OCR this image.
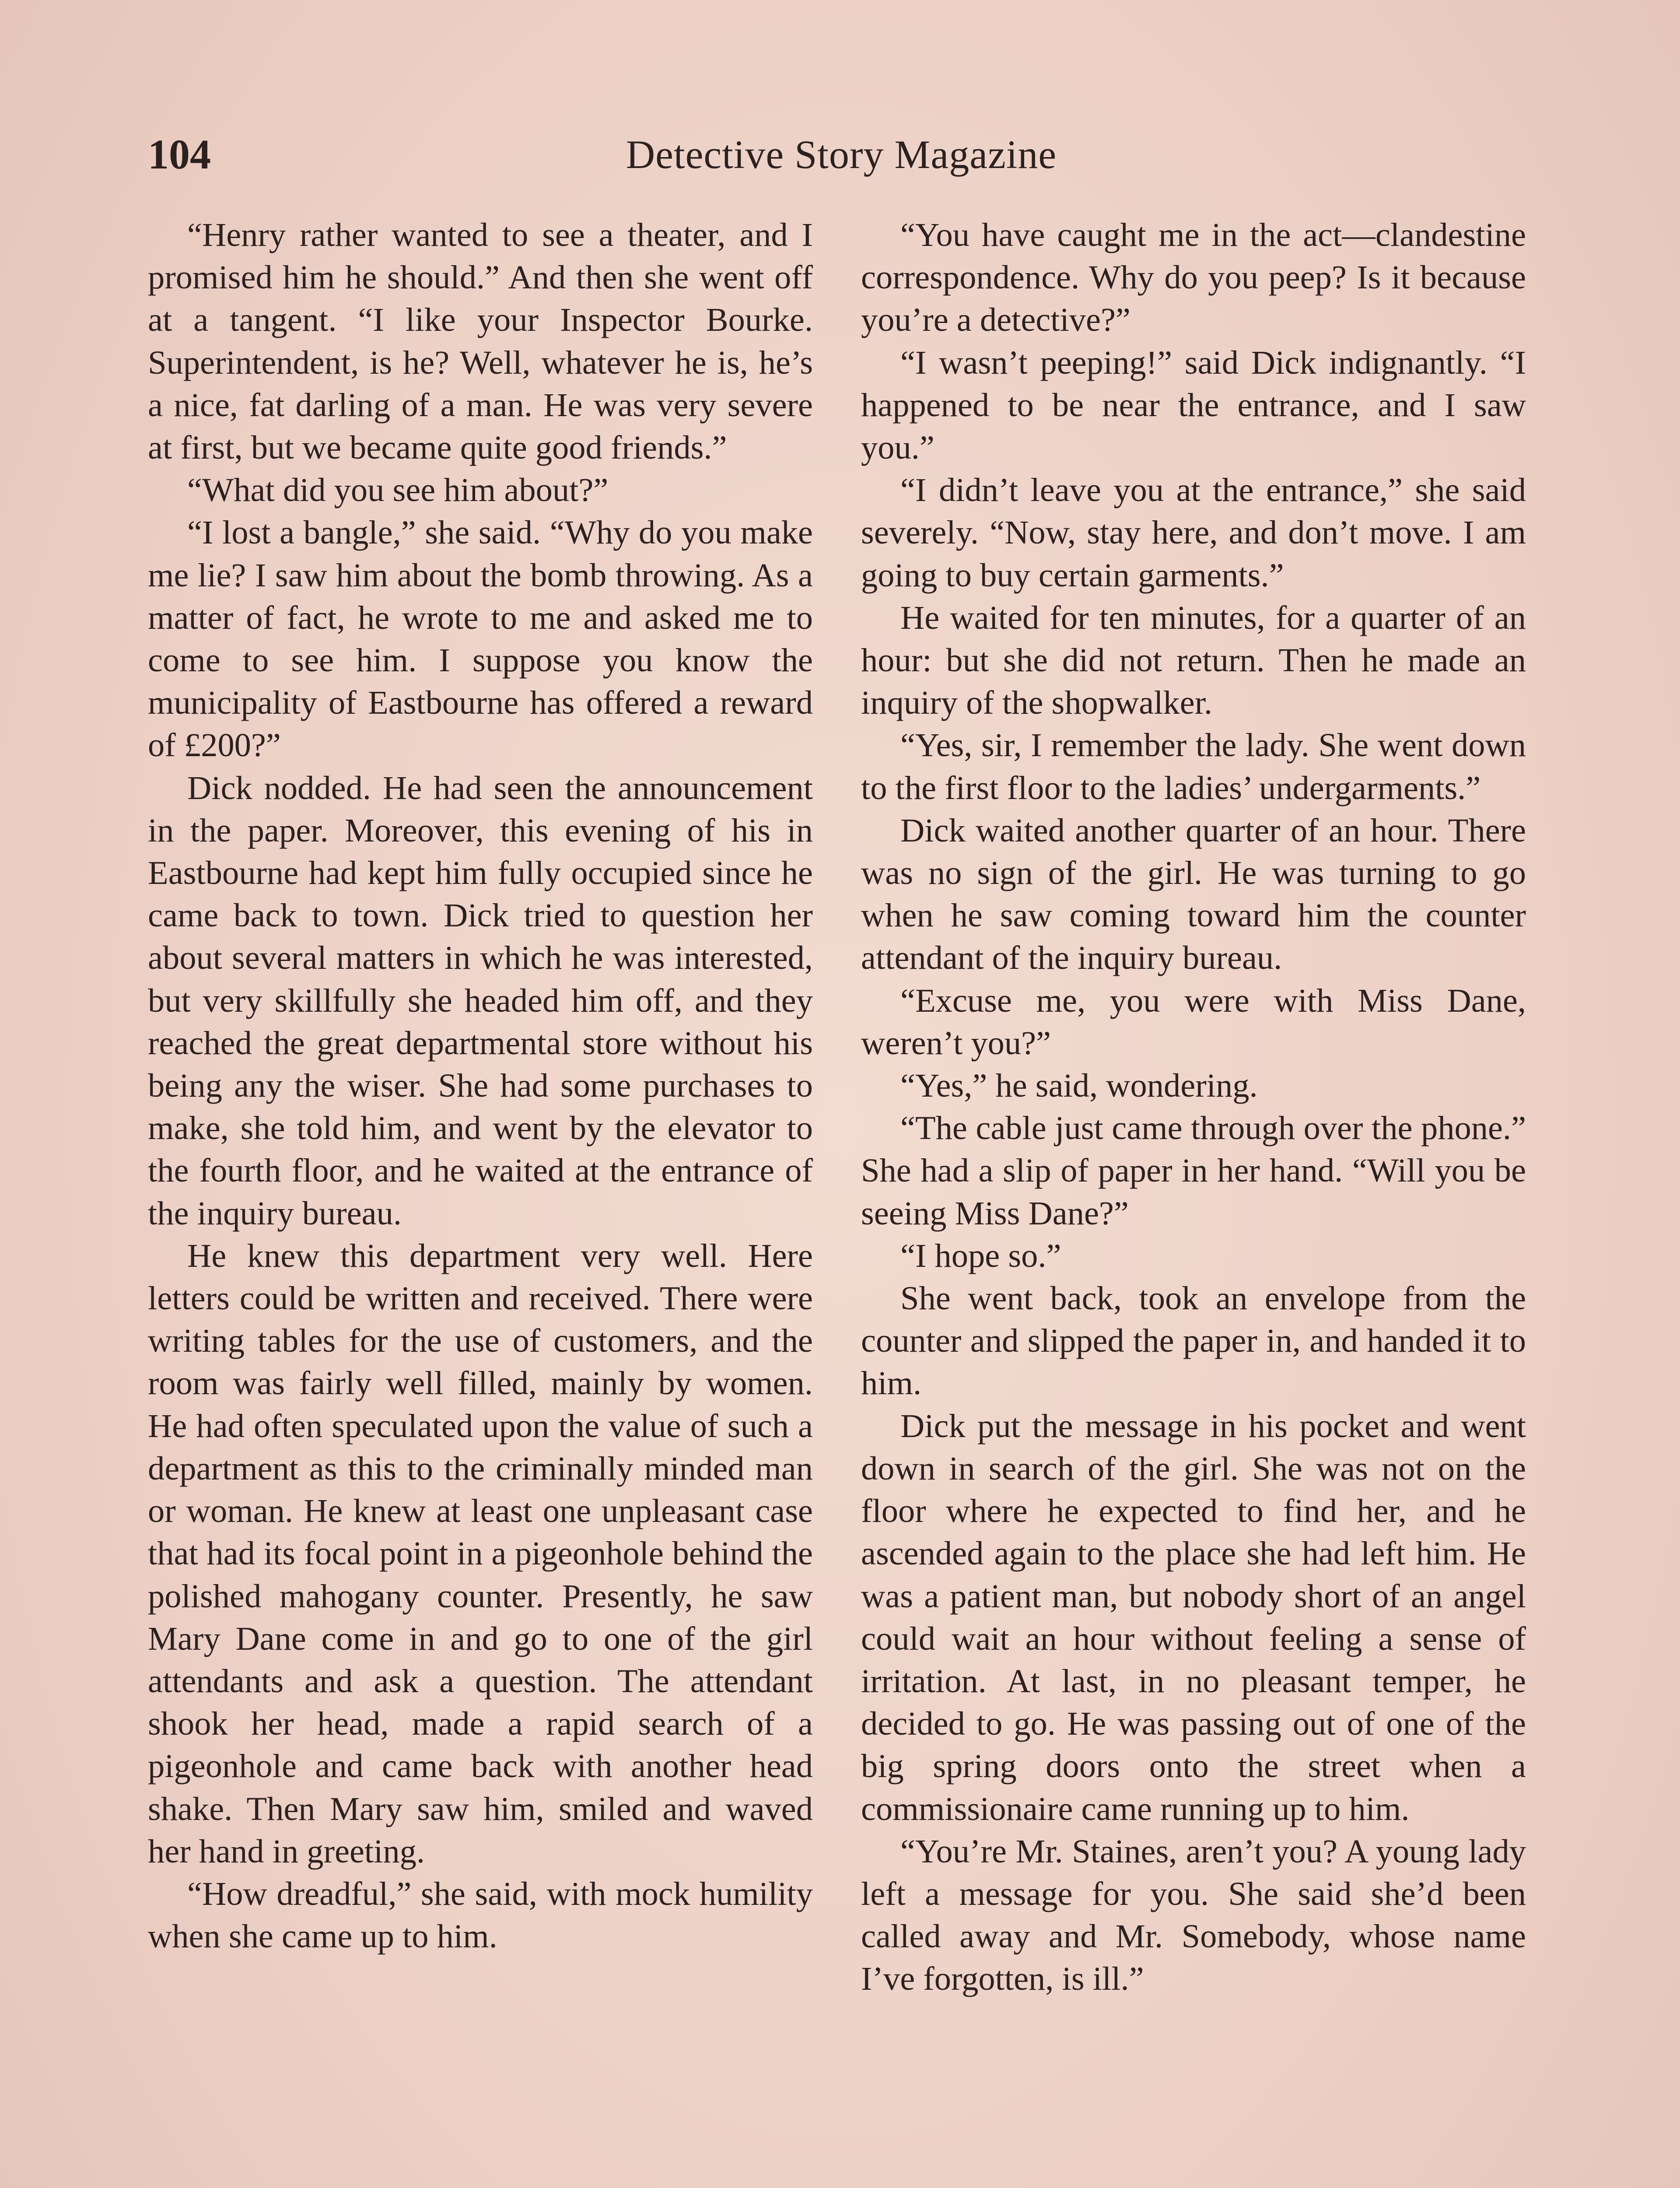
104	Detective Story Magazine

“Henry rather wanted to see a theater, and I promised him he should.” And then she went off at a tangent. “I like your Inspector Bourke. Superintendent, is he? Well, whatever he is, he’s a nice, fat darling of a man. He was very severe at first, but we became quite good friends.”

“What did you see him about?”

“I lost a bangle,” she said. “Why do you make me lie? I saw him about the bomb throwing. As a matter of fact, he wrote to me and asked me to come to see him. I suppose you know the municipality of Eastbourne has offered a reward of £200?”

Dick nodded. He had seen the announcement in the paper. Moreover, this evening of his in Eastbourne had kept him fully occupied since he came back to town. Dick tried to question her about several matters in which he was interested, but very skillfully she headed him off, and they reached the great departmental store without his being any the wiser. She had some purchases to make, she told him, and went by the elevator to the fourth floor, and he waited at the entrance of the inquiry bureau.

He knew this department very well. Here letters could be written and received. There were writing tables for the use of customers, and the room was fairly well filled, mainly by women. He had often speculated upon the value of such a department as this to the criminally minded man or woman. He knew at least one unpleasant case that had its focal point in a pigeonhole behind the polished mahogany counter. Presently, he saw Mary Dane come in and go to one of the girl attendants and ask a question. The attendant shook her head, made a rapid search of a pigeonhole and came back with another head shake. Then Mary saw him, smiled and waved her hand in greeting.

“How dreadful,” she said, with mock humility when she came up to him.

“You have caught me in the act—clandestine correspondence. Why do you peep? Is it because you’re a detective?”

“I wasn’t peeping!” said Dick indignantly. “I happened to be near the entrance, and I saw you.”

“I didn’t leave you at the entrance,” she said severely. “Now, stay here, and don’t move. I am going to buy certain garments.”

He waited for ten minutes, for a quarter of an hour: but she did not return. Then he made an inquiry of the shopwalker.

“Yes, sir, I remember the lady. She went down to the first floor to the ladies’ undergarments.”

Dick waited another quarter of an hour. There was no sign of the girl. He was turning to go when he saw coming toward him the counter attendant of the inquiry bureau.

“Excuse me, you were with Miss Dane, weren’t you?”

“Yes,” he said, wondering.

“The cable just came through over the phone.” She had a slip of paper in her hand. “Will you be seeing Miss Dane?”

“I hope so.”

She went back, took an envelope from the counter and slipped the paper in, and handed it to him.

Dick put the message in his pocket and went down in search of the girl. She was not on the floor where he expected to find her, and he ascended again to the place she had left him. He was a patient man, but nobody short of an angel could wait an hour without feeling a sense of irritation. At last, in no pleasant temper, he decided to go. He was passing out of one of the big spring doors onto the street when a commissionaire came running up to him.

“You’re Mr. Staines, aren’t you? A young lady left a message for you. She said she’d been called away and Mr. Somebody, whose name I’ve forgotten, is ill.”
